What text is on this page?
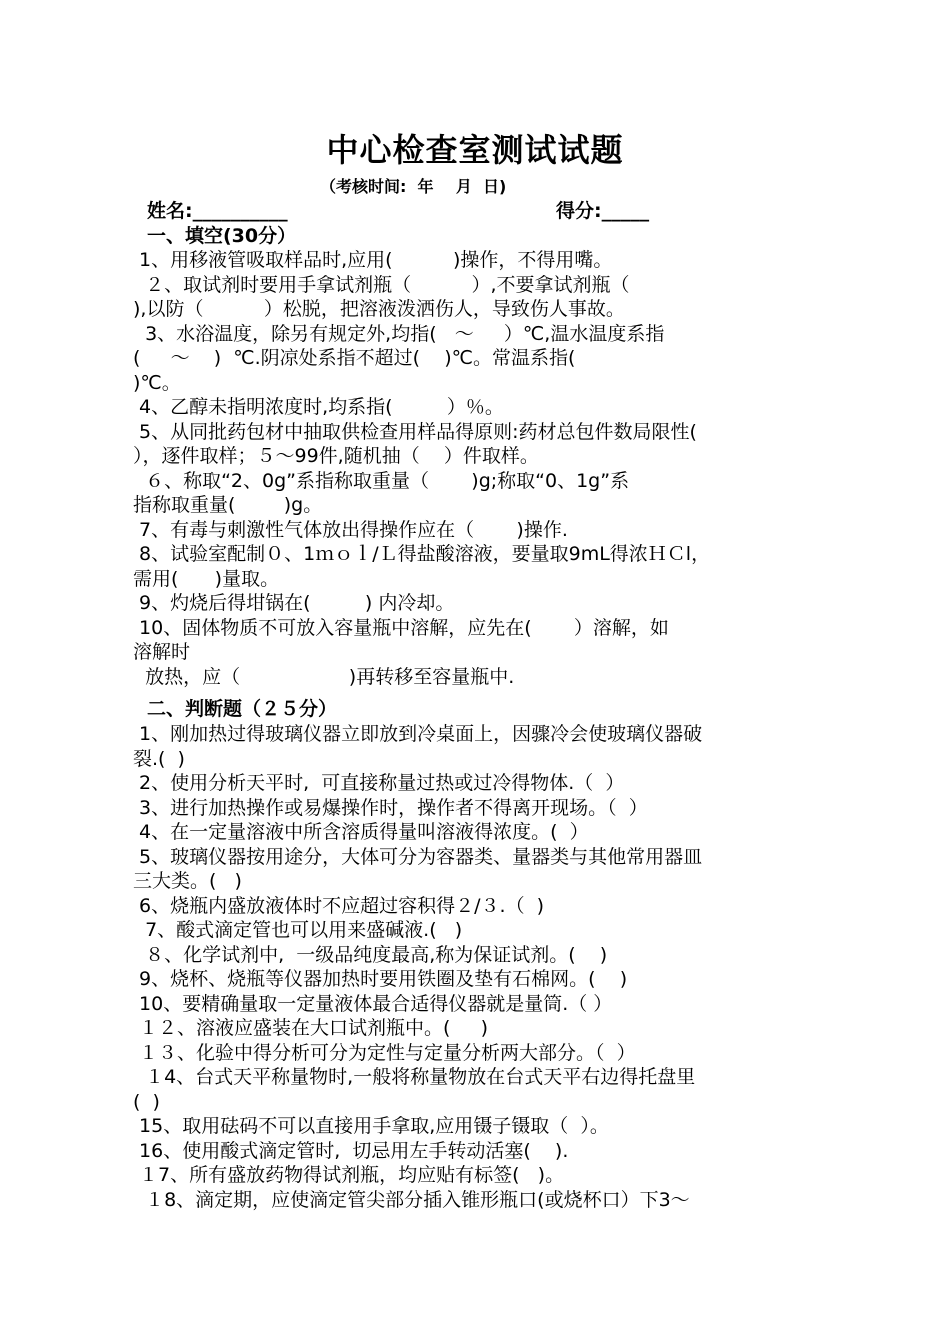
中心检查室测试试题
（考核时间:  年    月  日)
姓名:__________	得分:_____
一、填空(30分）

1、用移液管吸取样品时,应用(          )操作，不得用嘴。

２、取试剂时要用手拿试剂瓶（          ）,不要拿试剂瓶（

),以防（          ）松脱，把溶液泼洒伤人，导致伤人事故。

3、水浴温度，除另有规定外,均指(   ～     ）℃,温水温度系指

(     ～    )  ℃.阴凉处系指不超过(    )℃。常温系指(

)℃。

4、乙醇未指明浓度时,均系指(         ）％。

5、从同批药包材中抽取供检查用样品得原则:药材总包件数局限性(

），逐件取样；５～99件,随机抽（    ）件取样。

６、称取“2、0g”系指称取重量（       )g;称取“0、1g”系

指称取重量(        )g。

7、有毒与刺激性气体放出得操作应在（       )操作.

8、试验室配制０、1ｍｏｌ/Ｌ得盐酸溶液，要量取9mL得浓ＨＣl，

需用(      )量取。

9、灼烧后得坩锅在(         ) 内冷却。

10、固体物质不可放入容量瓶中溶解，应先在(       ）溶解，如

溶解时

放热，应（                  )再转移至容量瓶中.

二、判断题（２５分）

1、刚加热过得玻璃仪器立即放到冷桌面上，因骤冷会使玻璃仪器破

裂.(  )

2、使用分析天平时,  可直接称量过热或过冷得物体.（  ）

3、进行加热操作或易爆操作时，操作者不得离开现场。（  ）

4、在一定量溶液中所含溶质得量叫溶液得浓度。(  ）

5、玻璃仪器按用途分，大体可分为容器类、量器类与其他常用器皿

三大类。(   )

6、烧瓶内盛放液体时不应超过容积得２/３.（  )

7、酸式滴定管也可以用来盛碱液.(   )

８、化学试剂中,  一级品纯度最高,称为保证试剂。(    )

9、烧杯、烧瓶等仪器加热时要用铁圈及垫有石棉网。(    )

10、要精确量取一定量液体最合适得仪器就是量筒.（ ）

１２、溶液应盛装在大口试剂瓶中。(     )

１３、化验中得分析可分为定性与定量分析两大部分。（  ）

１4、台式天平称量物时,一般将称量物放在台式天平右边得托盘里

(  )

15、取用砝码不可以直接用手拿取,应用镊子镊取（  ）。

16、使用酸式滴定管时,  切忌用左手转动活塞(    ).

１7、所有盛放药物得试剂瓶，均应贴有标签(   )。

１8、滴定期，应使滴定管尖部分插入锥形瓶口(或烧杯口）下3～
